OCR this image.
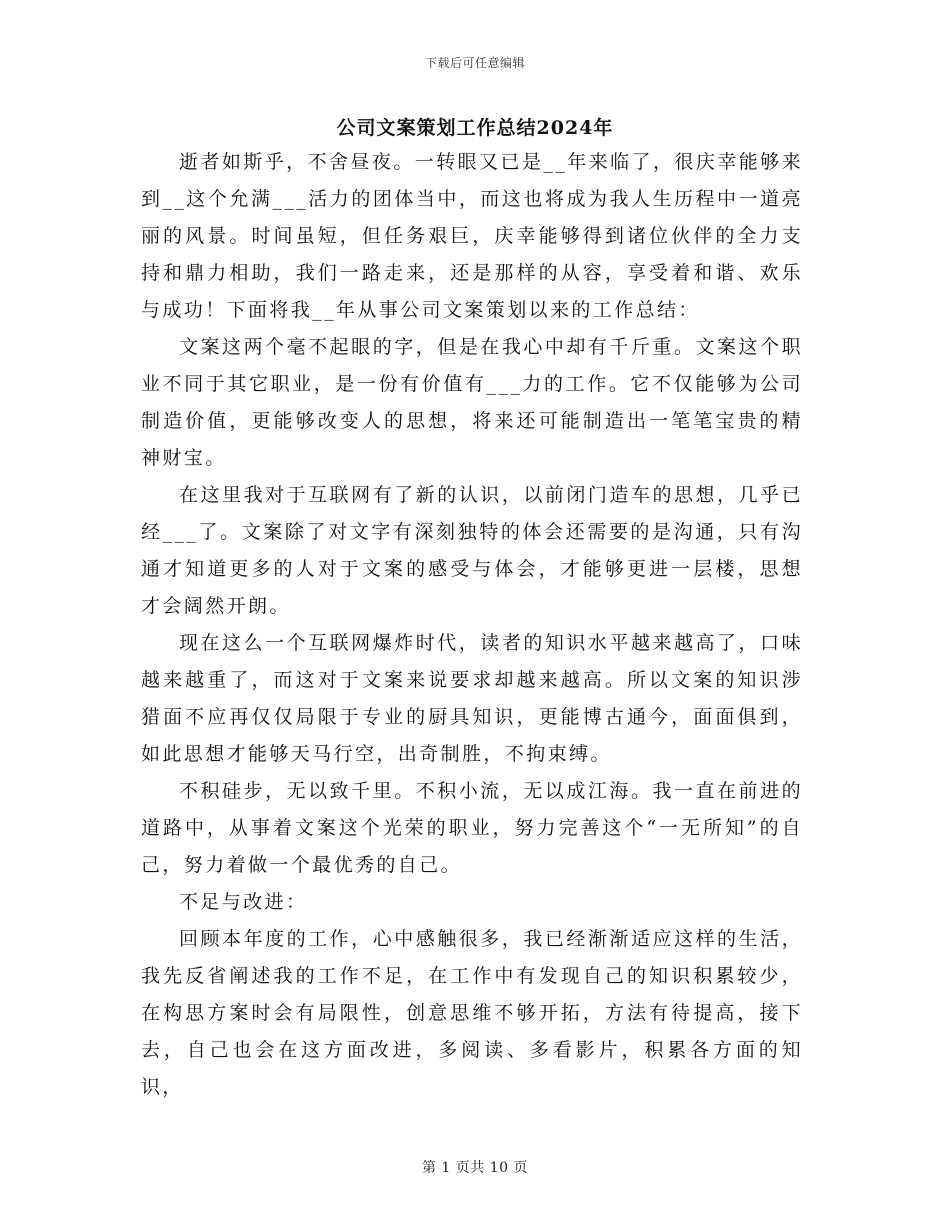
下载后可任意编辑
公司文案策划工作总结2024年

逝者如斯乎，不舍昼夜。一转眼又已是__年来临了，很庆幸能够来到__这个允满___活力的团体当中，而这也将成为我人生历程中一道亮丽的风景。时间虽短，但任务艰巨，庆幸能够得到诸位伙伴的全力支持和鼎力相助，我们一路走来，还是那样的从容，享受着和谐、欢乐与成功！下面将我__年从事公司文案策划以来的工作总结：

文案这两个毫不起眼的字，但是在我心中却有千斤重。文案这个职业不同于其它职业，是一份有价值有___力的工作。它不仅能够为公司制造价值，更能够改变人的思想，将来还可能制造出一笔笔宝贵的精神财宝。

在这里我对于互联网有了新的认识，以前闭门造车的思想，几乎已经___了。文案除了对文字有深刻独特的体会还需要的是沟通，只有沟通才知道更多的人对于文案的感受与体会，才能够更进一层楼，思想才会阔然开朗。

现在这么一个互联网爆炸时代，读者的知识水平越来越高了，口味越来越重了，而这对于文案来说要求却越来越高。所以文案的知识涉猎面不应再仅仅局限于专业的厨具知识，更能博古通今，面面俱到，如此思想才能够天马行空，出奇制胜，不拘束缚。

不积硅步，无以致千里。不积小流，无以成江海。我一直在前进的道路中，从事着文案这个光荣的职业，努力完善这个“一无所知”的自己，努力着做一个最优秀的自己。

不足与改进：

回顾本年度的工作，心中感触很多，我已经渐渐适应这样的生活，我先反省阐述我的工作不足，在工作中有发现自己的知识积累较少，在构思方案时会有局限性，创意思维不够开拓，方法有待提高，接下去，自己也会在这方面改进，多阅读、多看影片，积累各方面的知识，

第 1 页共 10 页
